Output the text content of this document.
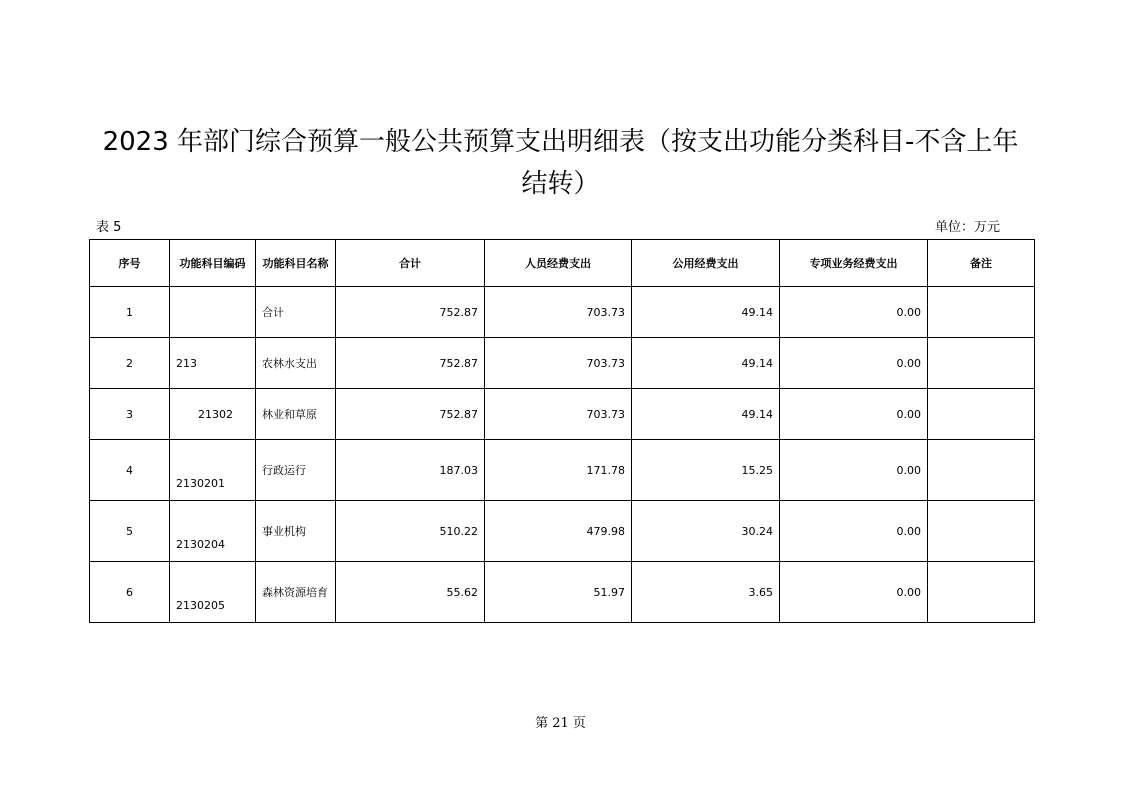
2023 年部门综合预算一般公共预算支出明细表（按支出功能分类科目-不含上年
结转）
表 5	单位：万元
序号	功能科目编码	功能科目名称	合计	人员经费支出	公用经费支出	专项业务经费支出	备注
1		合计	752.87	703.73	49.14	0.00	
2	213	农林水支出	752.87	703.73	49.14	0.00	
3	21302	林业和草原	752.87	703.73	49.14	0.00	
4	2130201	行政运行	187.03	171.78	15.25	0.00	
5	2130204	事业机构	510.22	479.98	30.24	0.00	
6	2130205	森林资源培育	55.62	51.97	3.65	0.00	
第 21 页
